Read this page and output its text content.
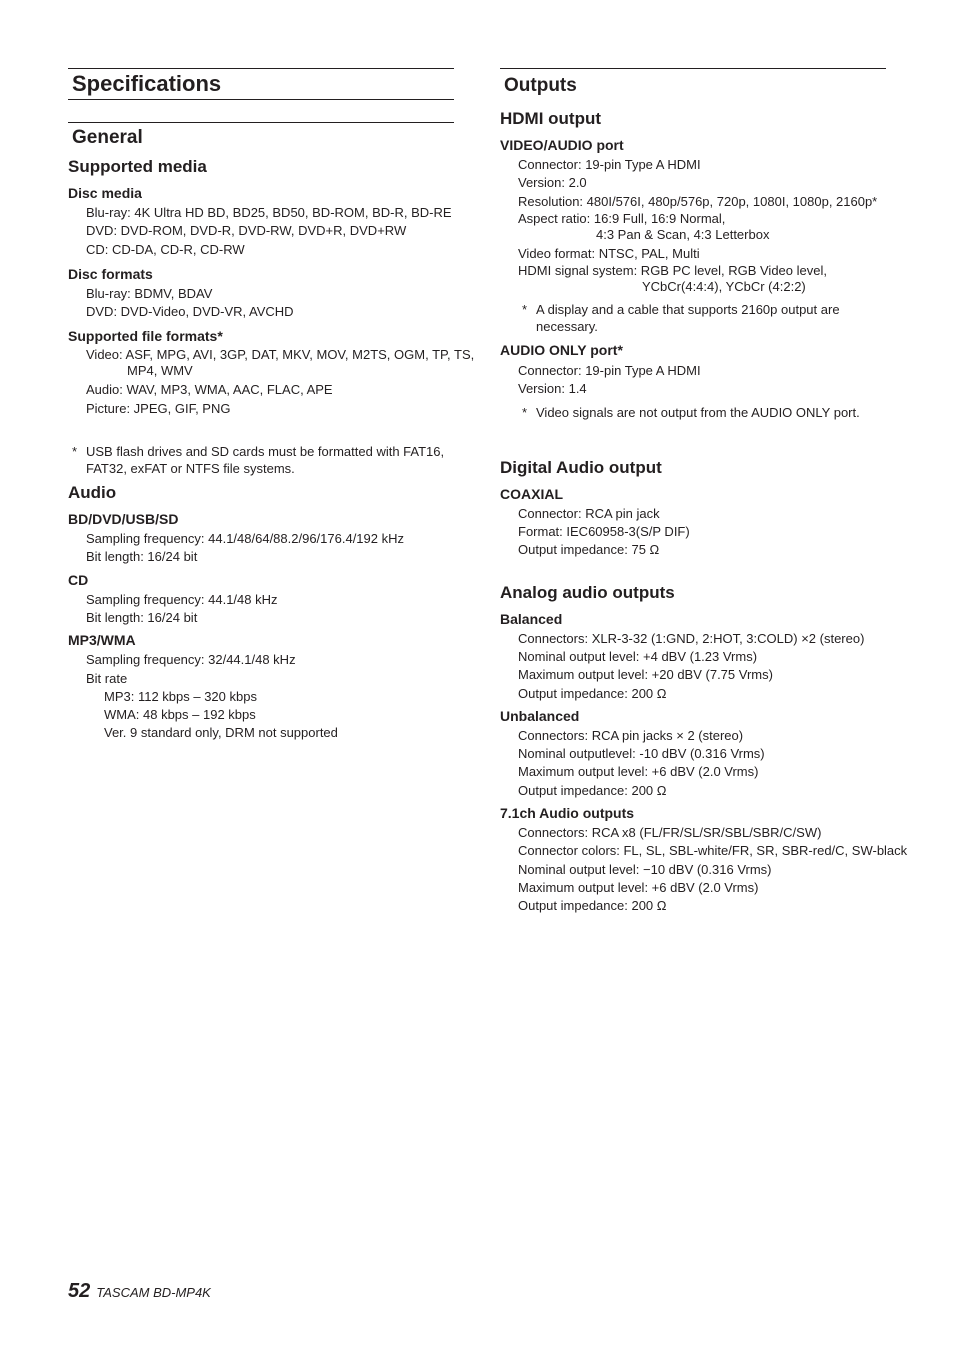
Specifications
General

Supported media

Disc media

Blu-ray: 4K Ultra HD BD, BD25, BD50, BD-ROM, BD-R, BD-RE

DVD: DVD-ROM, DVD-R, DVD-RW, DVD+R, DVD+RW

CD: CD-DA, CD-R, CD-RW

Disc formats

Blu-ray: BDMV, BDAV

DVD: DVD-Video, DVD-VR, AVCHD

Supported file formats*

Video: ASF, MPG, AVI, 3GP, DAT, MKV, MOV, M2TS, OGM, TP, TS,

MP4, WMV

Audio: WAV, MP3, WMA, AAC, FLAC, APE

Picture: JPEG, GIF, PNG

* USB flash drives and SD cards must be formatted with FAT16,
FAT32, exFAT or NTFS file systems.

Audio

BD/DVD/USB/SD

Sampling frequency: 44.1/48/64/88.2/96/176.4/192 kHz

Bit length: 16/24 bit

CD

Sampling frequency: 44.1/48 kHz

Bit length: 16/24 bit

MP3/WMA

Sampling frequency: 32/44.1/48 kHz

Bit rate

MP3: 112 kbps – 320 kbps

WMA: 48 kbps – 192 kbps

Ver. 9 standard only, DRM not supported

Outputs

HDMI output

VIDEO/AUDIO port

Connector: 19-pin Type A HDMI

Version: 2.0

Resolution: 480I/576I, 480p/576p, 720p, 1080I, 1080p, 2160p*

Aspect ratio: 16:9 Full, 16:9 Normal,

4:3 Pan & Scan, 4:3 Letterbox

Video format: NTSC, PAL, Multi

HDMI signal system: RGB PC level, RGB Video level,

YCbCr(4:4:4), YCbCr (4:2:2)

* A display and a cable that supports 2160p output are
necessary.

AUDIO ONLY port*

Connector: 19-pin Type A HDMI

Version: 1.4

* Video signals are not output from the AUDIO ONLY port.

Digital Audio output

COAXIAL

Connector: RCA pin jack

Format: IEC60958-3(S/P DIF)

Output impedance: 75 Ω

Analog audio outputs

Balanced

Connectors: XLR-3-32 (1:GND, 2:HOT, 3:COLD) ×2 (stereo)

Nominal output level: +4 dBV (1.23 Vrms)

Maximum output level: +20 dBV (7.75 Vrms)

Output impedance: 200 Ω

Unbalanced

Connectors: RCA pin jacks × 2 (stereo)

Nominal outputlevel: -10 dBV (0.316 Vrms)

Maximum output level: +6 dBV (2.0 Vrms)

Output impedance: 200 Ω

7.1ch Audio outputs

Connectors: RCA x8 (FL/FR/SL/SR/SBL/SBR/C/SW)

Connector colors: FL, SL, SBL-white/FR, SR, SBR-red/C, SW-black

Nominal output level: −10 dBV (0.316 Vrms)

Maximum output level: +6 dBV (2.0 Vrms)

Output impedance: 200 Ω

52 TASCAM BD-MP4K
